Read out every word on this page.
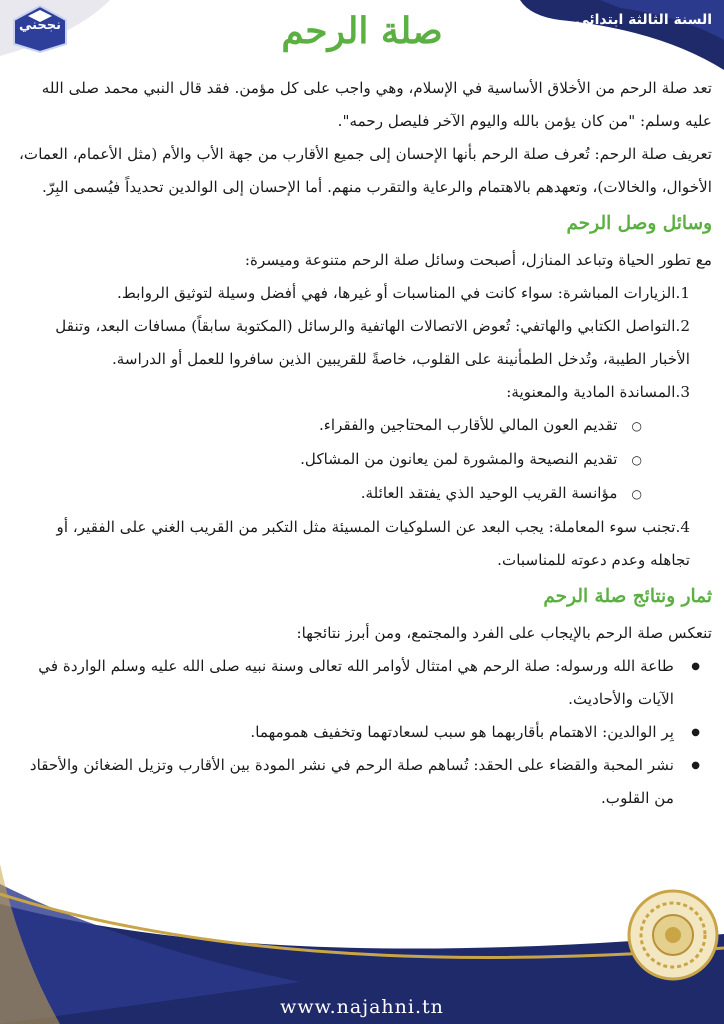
السنة الثالثة ابتدائي
نجحني	صلة الرحم

تعد صلة الرحم من الأخلاق الأساسية في الإسلام، وهي واجب على كل مؤمن. فقد قال النبي محمد صلى الله عليه وسلم: "من كان يؤمن بالله واليوم الآخر فليصل رحمه".

تعريف صلة الرحم: تُعرف صلة الرحم بأنها الإحسان إلى جميع الأقارب من جهة الأب والأم (مثل الأعمام، العمات، الأخوال، والخالات)، وتعهدهم بالاهتمام والرعاية والتقرب منهم. أما الإحسان إلى الوالدين تحديداً فيُسمى البِرّ.

وسائل وصل الرحم

مع تطور الحياة وتباعد المنازل، أصبحت وسائل صلة الرحم متنوعة وميسرة:

1.الزيارات المباشرة: سواء كانت في المناسبات أو غيرها، فهي أفضل وسيلة لتوثيق الروابط.
2.التواصل الكتابي والهاتفي: تُعوض الاتصالات الهاتفية والرسائل (المكتوبة سابقاً) مسافات البعد، وتنقل الأخبار الطيبة، وتُدخل الطمأنينة على القلوب، خاصةً للقريبين الذين سافروا للعمل أو الدراسة.
3.المساندة المادية والمعنوية:
○ تقديم العون المالي للأقارب المحتاجين والفقراء.
○ تقديم النصيحة والمشورة لمن يعانون من المشاكل.
○ مؤانسة القريب الوحيد الذي يفتقد العائلة.
4.تجنب سوء المعاملة: يجب البعد عن السلوكيات المسيئة مثل التكبر من القريب الغني على الفقير، أو تجاهله وعدم دعوته للمناسبات.
ثمار ونتائج صلة الرحم

تنعكس صلة الرحم بالإيجاب على الفرد والمجتمع، ومن أبرز نتائجها:

● طاعة الله ورسوله: صلة الرحم هي امتثال لأوامر الله تعالى وسنة نبيه صلى الله عليه وسلم الواردة في الآيات والأحاديث.
● بِر الوالدين: الاهتمام بأقاربهما هو سبب لسعادتهما وتخفيف همومهما.
● نشر المحبة والقضاء على الحقد: تُساهم صلة الرحم في نشر المودة بين الأقارب وتزيل الضغائن والأحقاد من القلوب.
www.najahni.tn
